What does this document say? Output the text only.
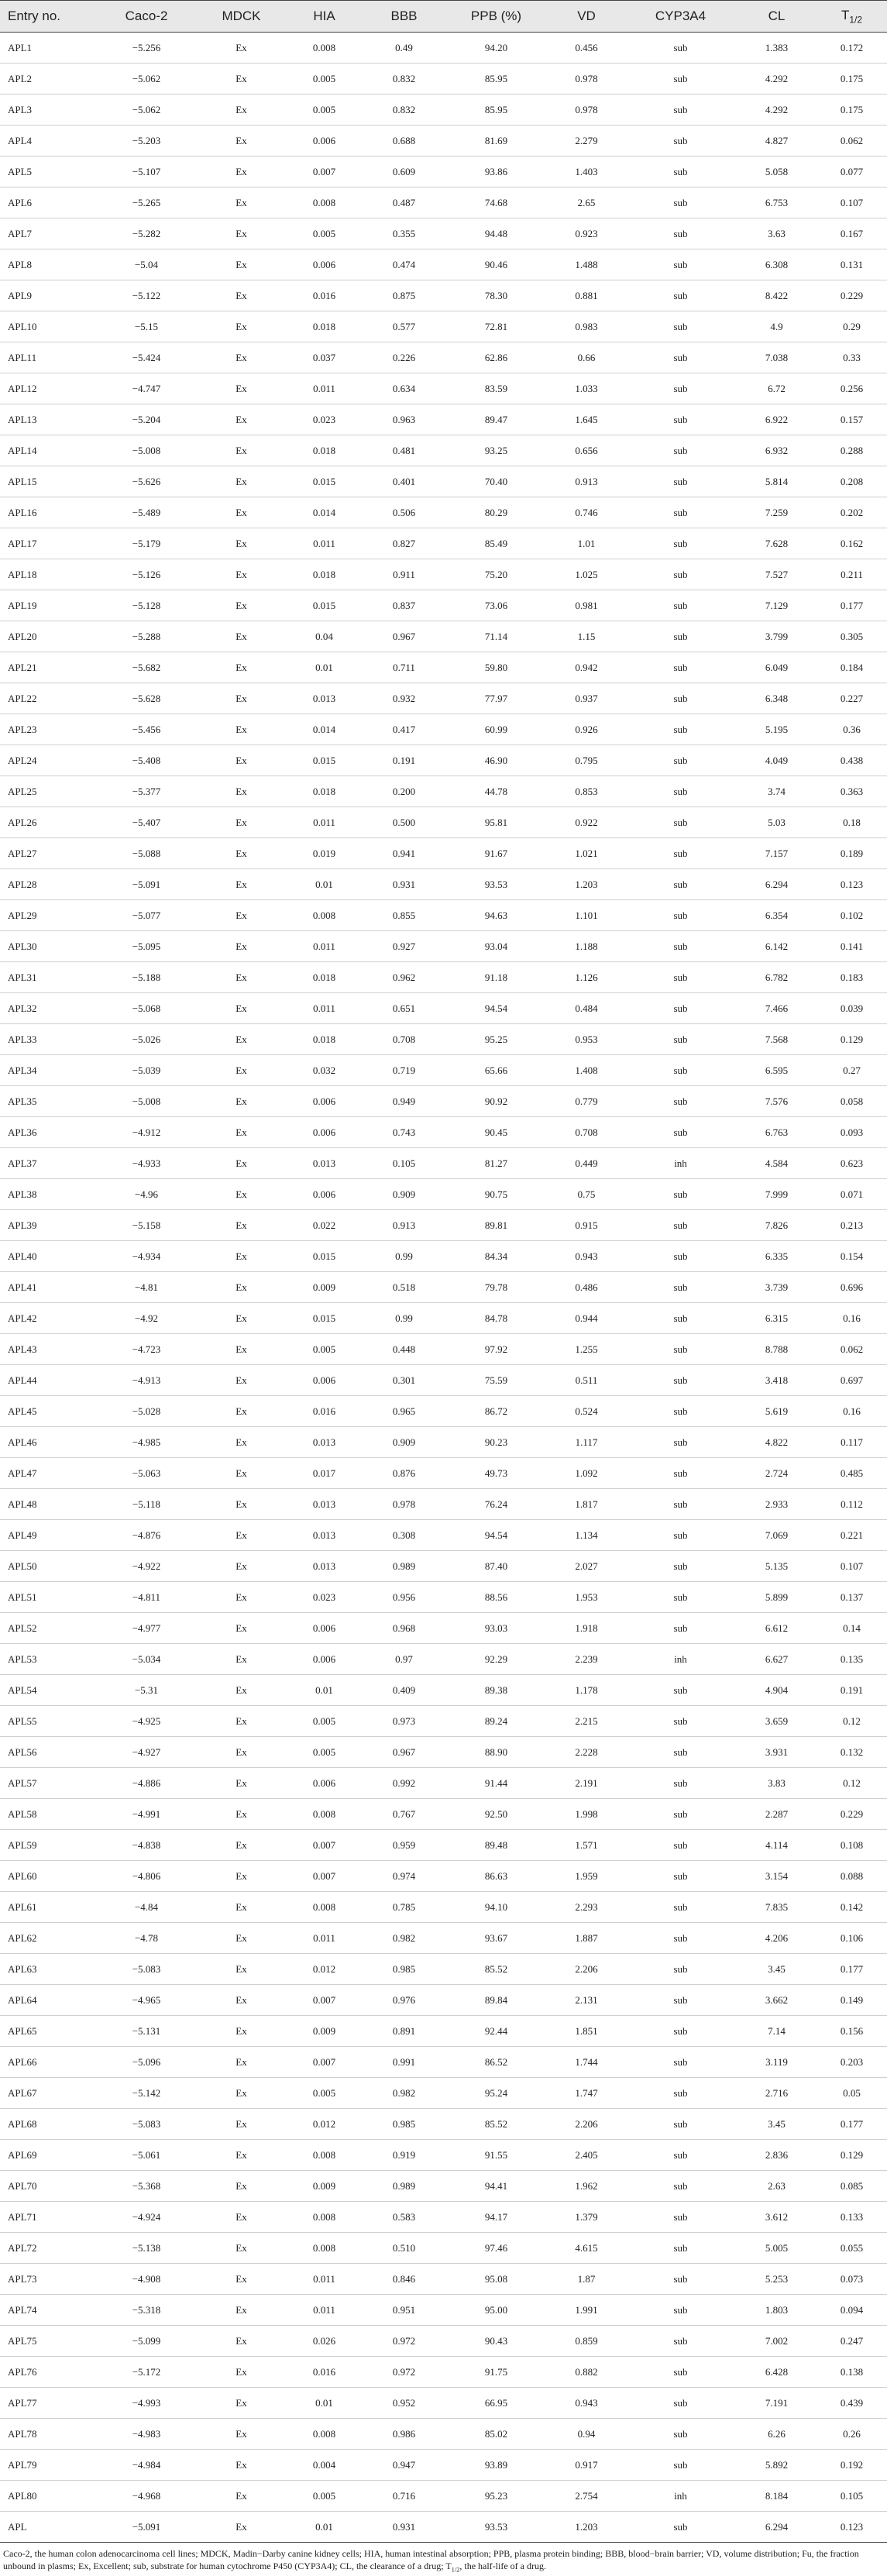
Entry no.	Caco-2	MDCK	HIA	BBB	PPB (%)	VD	CYP3A4	CL	$T_{1/2}$
APL1	−5.256	Ex	0.008	0.49	94.20	0.456	sub	1.383	0.172
APL2	−5.062	Ex	0.005	0.832	85.95	0.978	sub	4.292	0.175
APL3	−5.062	Ex	0.005	0.832	85.95	0.978	sub	4.292	0.175
APL4	−5.203	Ex	0.006	0.688	81.69	2.279	sub	4.827	0.062
APL5	−5.107	Ex	0.007	0.609	93.86	1.403	sub	5.058	0.077
APL6	−5.265	Ex	0.008	0.487	74.68	2.65	sub	6.753	0.107
APL7	−5.282	Ex	0.005	0.355	94.48	0.923	sub	3.63	0.167
APL8	−5.04	Ex	0.006	0.474	90.46	1.488	sub	6.308	0.131
APL9	−5.122	Ex	0.016	0.875	78.30	0.881	sub	8.422	0.229
APL10	−5.15	Ex	0.018	0.577	72.81	0.983	sub	4.9	0.29
APL11	−5.424	Ex	0.037	0.226	62.86	0.66	sub	7.038	0.33
APL12	−4.747	Ex	0.011	0.634	83.59	1.033	sub	6.72	0.256
APL13	−5.204	Ex	0.023	0.963	89.47	1.645	sub	6.922	0.157
APL14	−5.008	Ex	0.018	0.481	93.25	0.656	sub	6.932	0.288
APL15	−5.626	Ex	0.015	0.401	70.40	0.913	sub	5.814	0.208
APL16	−5.489	Ex	0.014	0.506	80.29	0.746	sub	7.259	0.202
APL17	−5.179	Ex	0.011	0.827	85.49	1.01	sub	7.628	0.162
APL18	−5.126	Ex	0.018	0.911	75.20	1.025	sub	7.527	0.211
APL19	−5.128	Ex	0.015	0.837	73.06	0.981	sub	7.129	0.177
APL20	−5.288	Ex	0.04	0.967	71.14	1.15	sub	3.799	0.305
APL21	−5.682	Ex	0.01	0.711	59.80	0.942	sub	6.049	0.184
APL22	−5.628	Ex	0.013	0.932	77.97	0.937	sub	6.348	0.227
APL23	−5.456	Ex	0.014	0.417	60.99	0.926	sub	5.195	0.36
APL24	−5.408	Ex	0.015	0.191	46.90	0.795	sub	4.049	0.438
APL25	−5.377	Ex	0.018	0.200	44.78	0.853	sub	3.74	0.363
APL26	−5.407	Ex	0.011	0.500	95.81	0.922	sub	5.03	0.18
APL27	−5.088	Ex	0.019	0.941	91.67	1.021	sub	7.157	0.189
APL28	−5.091	Ex	0.01	0.931	93.53	1.203	sub	6.294	0.123
APL29	−5.077	Ex	0.008	0.855	94.63	1.101	sub	6.354	0.102
APL30	−5.095	Ex	0.011	0.927	93.04	1.188	sub	6.142	0.141
APL31	−5.188	Ex	0.018	0.962	91.18	1.126	sub	6.782	0.183
APL32	−5.068	Ex	0.011	0.651	94.54	0.484	sub	7.466	0.039
APL33	−5.026	Ex	0.018	0.708	95.25	0.953	sub	7.568	0.129
APL34	−5.039	Ex	0.032	0.719	65.66	1.408	sub	6.595	0.27
APL35	−5.008	Ex	0.006	0.949	90.92	0.779	sub	7.576	0.058
APL36	−4.912	Ex	0.006	0.743	90.45	0.708	sub	6.763	0.093
APL37	−4.933	Ex	0.013	0.105	81.27	0.449	inh	4.584	0.623
APL38	−4.96	Ex	0.006	0.909	90.75	0.75	sub	7.999	0.071
APL39	−5.158	Ex	0.022	0.913	89.81	0.915	sub	7.826	0.213
APL40	−4.934	Ex	0.015	0.99	84.34	0.943	sub	6.335	0.154
APL41	−4.81	Ex	0.009	0.518	79.78	0.486	sub	3.739	0.696
APL42	−4.92	Ex	0.015	0.99	84.78	0.944	sub	6.315	0.16
APL43	−4.723	Ex	0.005	0.448	97.92	1.255	sub	8.788	0.062
APL44	−4.913	Ex	0.006	0.301	75.59	0.511	sub	3.418	0.697
APL45	−5.028	Ex	0.016	0.965	86.72	0.524	sub	5.619	0.16
APL46	−4.985	Ex	0.013	0.909	90.23	1.117	sub	4.822	0.117
APL47	−5.063	Ex	0.017	0.876	49.73	1.092	sub	2.724	0.485
APL48	−5.118	Ex	0.013	0.978	76.24	1.817	sub	2.933	0.112
APL49	−4.876	Ex	0.013	0.308	94.54	1.134	sub	7.069	0.221
APL50	−4.922	Ex	0.013	0.989	87.40	2.027	sub	5.135	0.107
APL51	−4.811	Ex	0.023	0.956	88.56	1.953	sub	5.899	0.137
APL52	−4.977	Ex	0.006	0.968	93.03	1.918	sub	6.612	0.14
APL53	−5.034	Ex	0.006	0.97	92.29	2.239	inh	6.627	0.135
APL54	−5.31	Ex	0.01	0.409	89.38	1.178	sub	4.904	0.191
APL55	−4.925	Ex	0.005	0.973	89.24	2.215	sub	3.659	0.12
APL56	−4.927	Ex	0.005	0.967	88.90	2.228	sub	3.931	0.132
APL57	−4.886	Ex	0.006	0.992	91.44	2.191	sub	3.83	0.12
APL58	−4.991	Ex	0.008	0.767	92.50	1.998	sub	2.287	0.229
APL59	−4.838	Ex	0.007	0.959	89.48	1.571	sub	4.114	0.108
APL60	−4.806	Ex	0.007	0.974	86.63	1.959	sub	3.154	0.088
APL61	−4.84	Ex	0.008	0.785	94.10	2.293	sub	7.835	0.142
APL62	−4.78	Ex	0.011	0.982	93.67	1.887	sub	4.206	0.106
APL63	−5.083	Ex	0.012	0.985	85.52	2.206	sub	3.45	0.177
APL64	−4.965	Ex	0.007	0.976	89.84	2.131	sub	3.662	0.149
APL65	−5.131	Ex	0.009	0.891	92.44	1.851	sub	7.14	0.156
APL66	−5.096	Ex	0.007	0.991	86.52	1.744	sub	3.119	0.203
APL67	−5.142	Ex	0.005	0.982	95.24	1.747	sub	2.716	0.05
APL68	−5.083	Ex	0.012	0.985	85.52	2.206	sub	3.45	0.177
APL69	−5.061	Ex	0.008	0.919	91.55	2.405	sub	2.836	0.129
APL70	−5.368	Ex	0.009	0.989	94.41	1.962	sub	2.63	0.085
APL71	−4.924	Ex	0.008	0.583	94.17	1.379	sub	3.612	0.133
APL72	−5.138	Ex	0.008	0.510	97.46	4.615	sub	5.005	0.055
APL73	−4.908	Ex	0.011	0.846	95.08	1.87	sub	5.253	0.073
APL74	−5.318	Ex	0.011	0.951	95.00	1.991	sub	1.803	0.094
APL75	−5.099	Ex	0.026	0.972	90.43	0.859	sub	7.002	0.247
APL76	−5.172	Ex	0.016	0.972	91.75	0.882	sub	6.428	0.138
APL77	−4.993	Ex	0.01	0.952	66.95	0.943	sub	7.191	0.439
APL78	−4.983	Ex	0.008	0.986	85.02	0.94	sub	6.26	0.26
APL79	−4.984	Ex	0.004	0.947	93.89	0.917	sub	5.892	0.192
APL80	−4.968	Ex	0.005	0.716	95.23	2.754	inh	8.184	0.105
APL	−5.091	Ex	0.01	0.931	93.53	1.203	sub	6.294	0.123
Caco-2, the human colon adenocarcinoma cell lines; MDCK, Madin−Darby canine kidney cells; HIA, human intestinal absorption; PPB, plasma protein binding; BBB, blood−brain barrier; VD, volume distribution; Fu, the fraction unbound in plasms; Ex, Excellent; sub, substrate for human cytochrome P450 (CYP3A4); CL, the clearance of a drug; $T_{1/2}$, the half-life of a drug.
